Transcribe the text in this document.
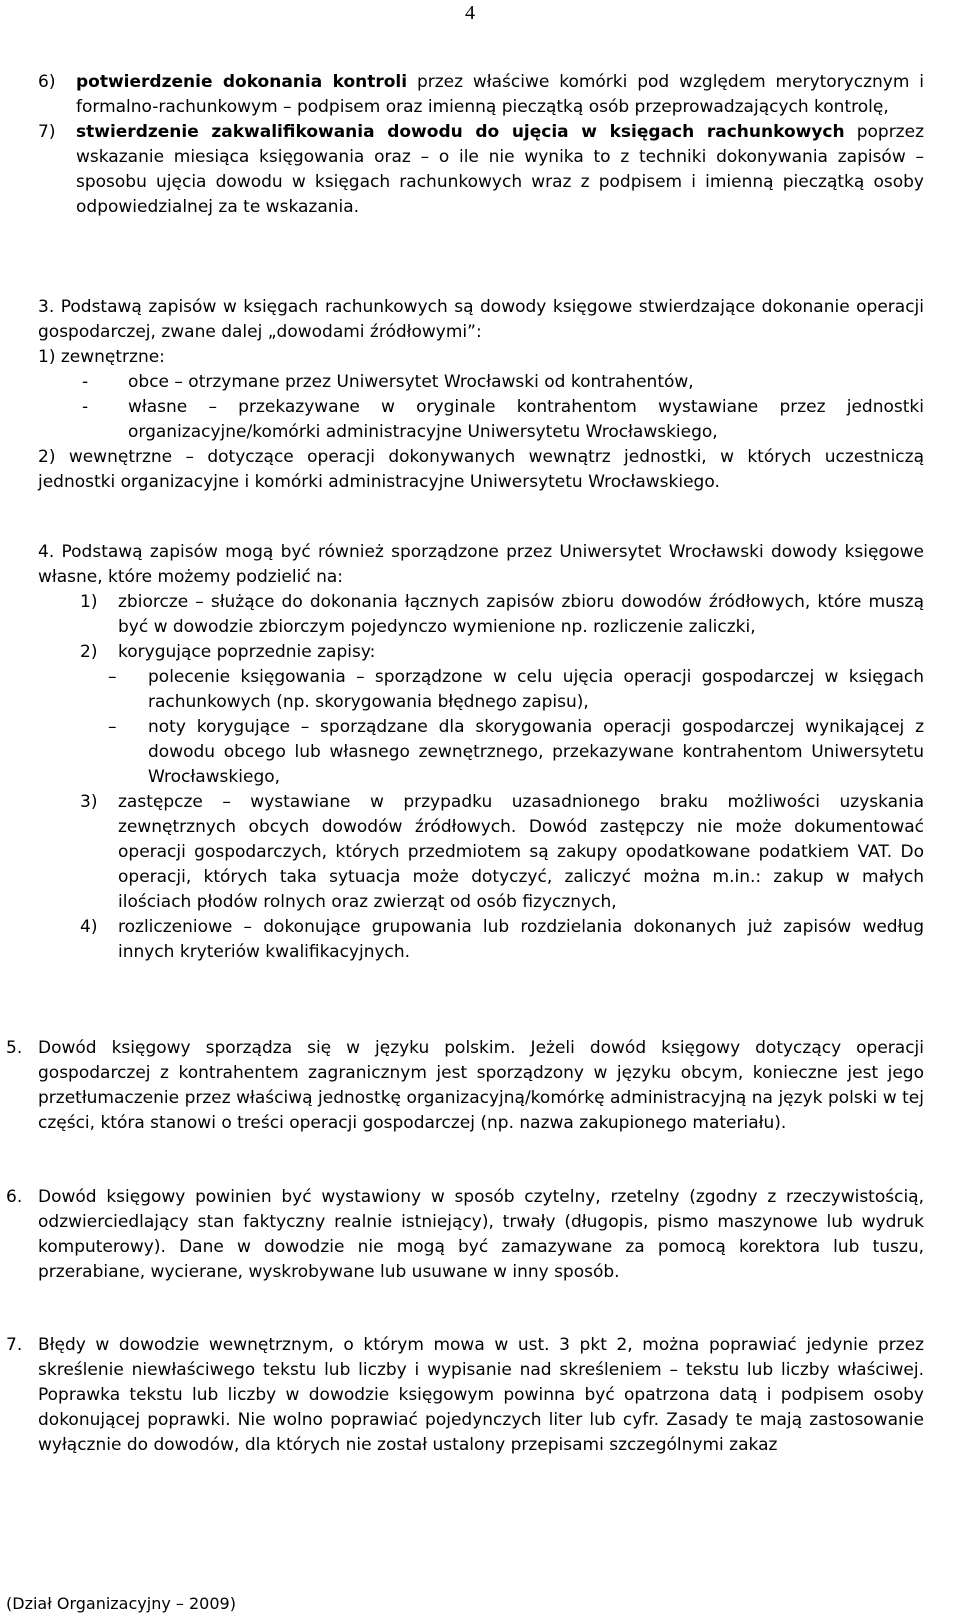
4
6) potwierdzenie dokonania kontroli przez właściwe komórki pod względem merytorycznym i formalno-rachunkowym – podpisem oraz imienną pieczątką osób przeprowadzających kontrolę,
7) stwierdzenie zakwalifikowania dowodu do ujęcia w księgach rachunkowych poprzez wskazanie miesiąca księgowania oraz – o ile nie wynika to z techniki dokonywania zapisów – sposobu ujęcia dowodu w księgach rachunkowych wraz z podpisem i imienną pieczątką osoby odpowiedzialnej za te wskazania.
3. Podstawą zapisów w księgach rachunkowych są dowody księgowe stwierdzające dokonanie operacji gospodarczej, zwane dalej „dowodami źródłowymi”:
1) zewnętrzne:
- obce – otrzymane przez Uniwersytet Wrocławski od kontrahentów,
- własne – przekazywane w oryginale kontrahentom wystawiane przez jednostki organizacyjne/komórki administracyjne Uniwersytetu Wrocławskiego,
2) wewnętrzne – dotyczące operacji dokonywanych wewnątrz jednostki, w których uczestniczą jednostki organizacyjne i komórki administracyjne Uniwersytetu Wrocławskiego.
4. Podstawą zapisów mogą być również sporządzone przez Uniwersytet Wrocławski dowody księgowe własne, które możemy podzielić na:
1) zbiorcze – służące do dokonania łącznych zapisów zbioru dowodów źródłowych, które muszą być w dowodzie zbiorczym pojedynczo wymienione np. rozliczenie zaliczki,
2) korygujące poprzednie zapisy:
– polecenie księgowania – sporządzone w celu ujęcia operacji gospodarczej w księgach rachunkowych (np. skorygowania błędnego zapisu),
– noty korygujące – sporządzane dla skorygowania operacji gospodarczej wynikającej z dowodu obcego lub własnego zewnętrznego, przekazywane kontrahentom Uniwersytetu Wrocławskiego,
3) zastępcze – wystawiane w przypadku uzasadnionego braku możliwości uzyskania zewnętrznych obcych dowodów źródłowych. Dowód zastępczy nie może dokumentować operacji gospodarczych, których przedmiotem są zakupy opodatkowane podatkiem VAT. Do operacji, których taka sytuacja może dotyczyć, zaliczyć można m.in.: zakup w małych ilościach płodów rolnych oraz zwierząt od osób fizycznych,
4) rozliczeniowe – dokonujące grupowania lub rozdzielania dokonanych już zapisów według innych kryteriów kwalifikacyjnych.
5. Dowód księgowy sporządza się w języku polskim. Jeżeli dowód księgowy dotyczący operacji gospodarczej z kontrahentem zagranicznym jest sporządzony w języku obcym, konieczne jest jego przetłumaczenie przez właściwą jednostkę organizacyjną/komórkę administracyjną na język polski w tej części, która stanowi o treści operacji gospodarczej (np. nazwa zakupionego materiału).
6. Dowód księgowy powinien być wystawiony w sposób czytelny, rzetelny (zgodny z rzeczywistością, odzwierciedlający stan faktyczny realnie istniejący), trwały (długopis, pismo maszynowe lub wydruk komputerowy). Dane w dowodzie nie mogą być zamazywane za pomocą korektora lub tuszu, przerabiane, wycierane, wyskrobywane lub usuwane w inny sposób.
7. Błędy w dowodzie wewnętrznym, o którym mowa w ust. 3 pkt 2, można poprawiać jedynie przez skreślenie niewłaściwego tekstu lub liczby i wypisanie nad skreśleniem – tekstu lub liczby właściwej. Poprawka tekstu lub liczby w dowodzie księgowym powinna być opatrzona datą i podpisem osoby dokonującej poprawki. Nie wolno poprawiać pojedynczych liter lub cyfr. Zasady te mają zastosowanie wyłącznie do dowodów, dla których nie został ustalony przepisami szczególnymi zakaz
(Dział Organizacyjny – 2009)
